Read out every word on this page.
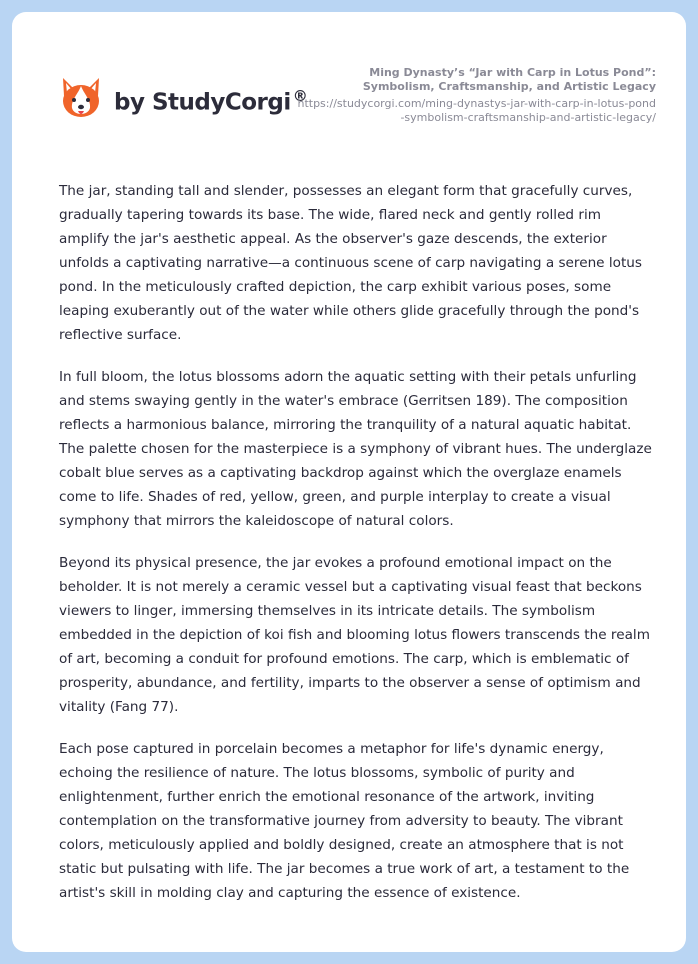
by StudyCorgi ®
Ming Dynasty’s “Jar with Carp in Lotus Pond”: Symbolism, Craftsmanship, and Artistic Legacy
https://studycorgi.com/ming-dynastys-jar-with-carp-in-lotus-pond-symbolism-craftsmanship-and-artistic-legacy/

The jar, standing tall and slender, possesses an elegant form that gracefully curves, gradually tapering towards its base. The wide, flared neck and gently rolled rim amplify the jar's aesthetic appeal. As the observer's gaze descends, the exterior unfolds a captivating narrative—a continuous scene of carp navigating a serene lotus pond. In the meticulously crafted depiction, the carp exhibit various poses, some leaping exuberantly out of the water while others glide gracefully through the pond's reflective surface.

In full bloom, the lotus blossoms adorn the aquatic setting with their petals unfurling and stems swaying gently in the water's embrace (Gerritsen 189). The composition reflects a harmonious balance, mirroring the tranquility of a natural aquatic habitat. The palette chosen for the masterpiece is a symphony of vibrant hues. The underglaze cobalt blue serves as a captivating backdrop against which the overglaze enamels come to life. Shades of red, yellow, green, and purple interplay to create a visual symphony that mirrors the kaleidoscope of natural colors.

Beyond its physical presence, the jar evokes a profound emotional impact on the beholder. It is not merely a ceramic vessel but a captivating visual feast that beckons viewers to linger, immersing themselves in its intricate details. The symbolism embedded in the depiction of koi fish and blooming lotus flowers transcends the realm of art, becoming a conduit for profound emotions. The carp, which is emblematic of prosperity, abundance, and fertility, imparts to the observer a sense of optimism and vitality (Fang 77).

Each pose captured in porcelain becomes a metaphor for life's dynamic energy, echoing the resilience of nature. The lotus blossoms, symbolic of purity and enlightenment, further enrich the emotional resonance of the artwork, inviting contemplation on the transformative journey from adversity to beauty. The vibrant colors, meticulously applied and boldly designed, create an atmosphere that is not static but pulsating with life. The jar becomes a true work of art, a testament to the artist's skill in molding clay and capturing the essence of existence.
